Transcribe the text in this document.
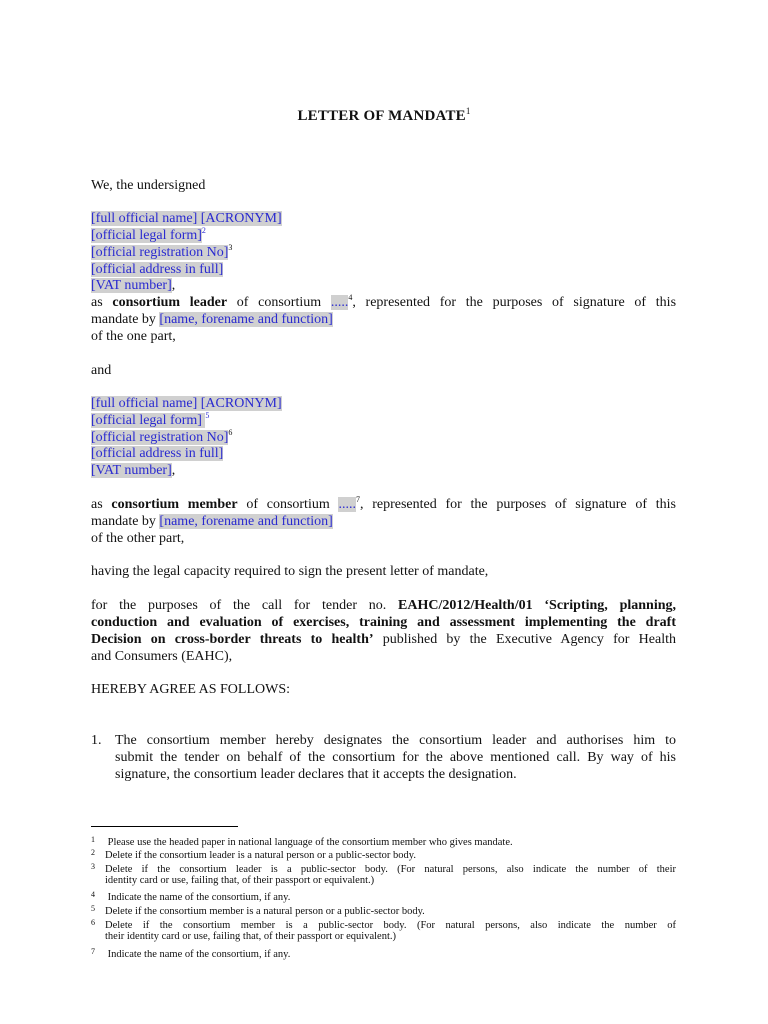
LETTER OF MANDATE$^1$
We, the undersigned
[full official name] [ACRONYM]
[official legal form]$^2$
[official registration No]$^3$
[official address in full]
[VAT number],
as consortium leader of consortium .....$^4$, represented for the purposes of signature of this
mandate by [name, forename and function]
of the one part,
and
[full official name] [ACRONYM]
[official legal form] $^5$
[official registration No]$^6$
[official address in full]
[VAT number],
as consortium member of consortium .....$^7$, represented for the purposes of signature of this
mandate by [name, forename and function]
of the other part,
having the legal capacity required to sign the present letter of mandate,
for the purposes of the call for tender no. EAHC/2012/Health/01 ‘Scripting, planning,
conduction and evaluation of exercises, training and assessment implementing the draft
Decision on cross-border threats to health’ published by the Executive Agency for Health
and Consumers (EAHC),
HEREBY AGREE AS FOLLOWS:
1. The consortium member hereby designates the consortium leader and authorises him to
submit the tender on behalf of the consortium for the above mentioned call. By way of his
signature, the consortium leader declares that it accepts the designation.
1 Please use the headed paper in national language of the consortium member who gives mandate.
2 Delete if the consortium leader is a natural person or a public-sector body.
3 Delete if the consortium leader is a public-sector body. (For natural persons, also indicate the number of their
identity card or use, failing that, of their passport or equivalent.)
4 Indicate the name of the consortium, if any.
5 Delete if the consortium member is a natural person or a public-sector body.
6 Delete if the consortium member is a public-sector body. (For natural persons, also indicate the number of
their identity card or use, failing that, of their passport or equivalent.)
7 Indicate the name of the consortium, if any.
